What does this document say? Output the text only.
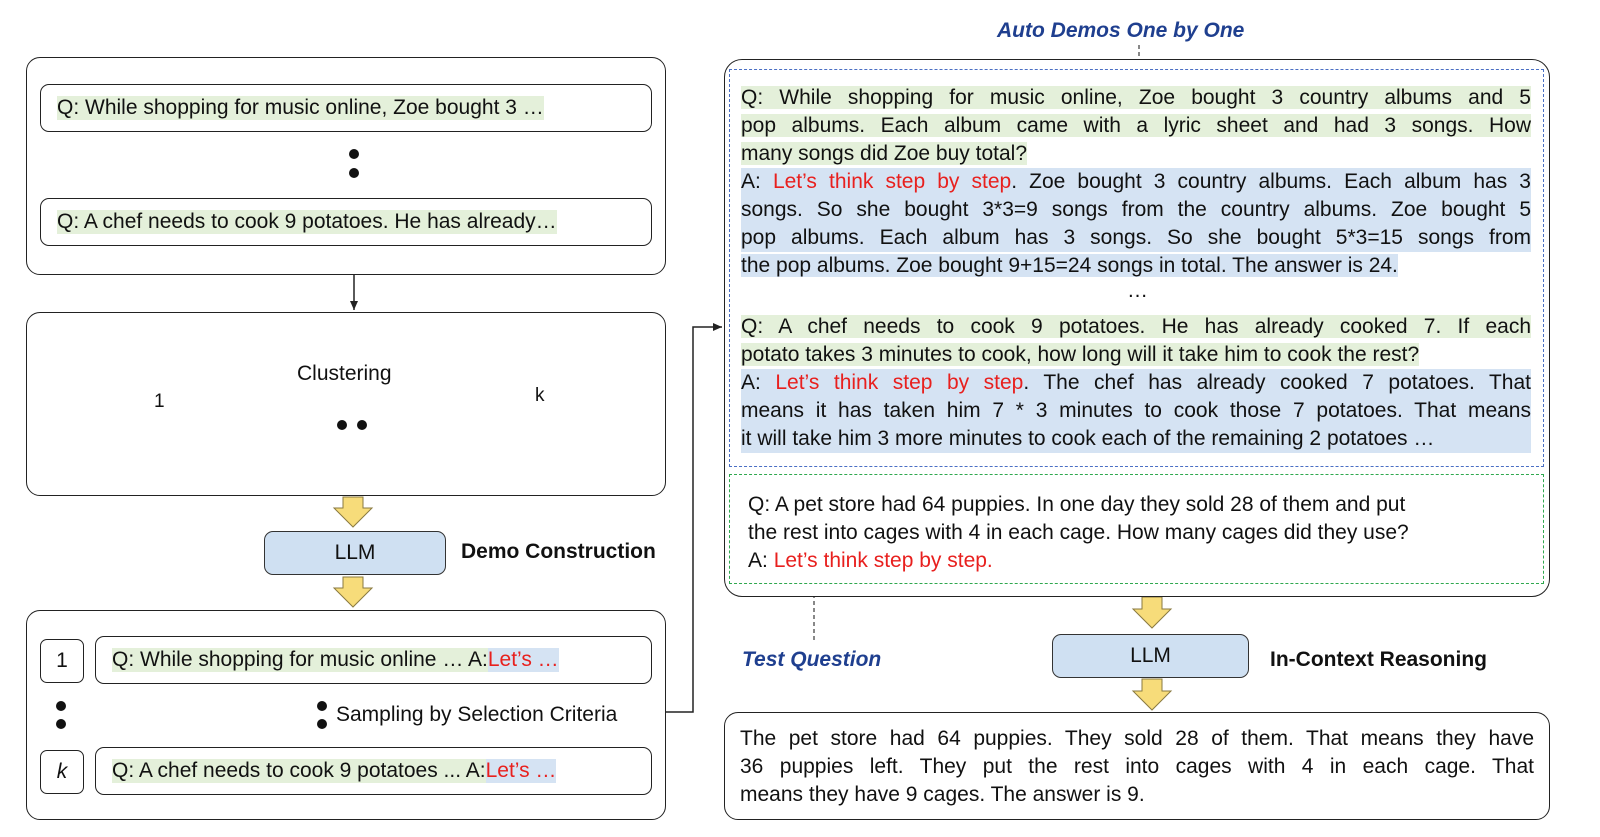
Q: While shopping for music online, Zoe bought 3 …
Q: A chef needs to cook 9 potatoes. He has already…
Clustering
1	k
LLM	Demo Construction
1 Q: While shopping for music online … A: Let’s …
Sampling by Selection Criteria
k Q: A chef needs to cook 9 potatoes ... A: Let’s …
Auto Demos One by One
Q: While shopping for music online, Zoe bought 3 country albums and 5
pop albums. Each album came with a lyric sheet and had 3 songs. How
many songs did Zoe buy total?
A: Let’s think step by step. Zoe bought 3 country albums. Each album has 3
songs. So she bought 3*3=9 songs from the country albums. Zoe bought 5
pop albums. Each album has 3 songs. So she bought 5*3=15 songs from
the pop albums. Zoe bought 9+15=24 songs in total. The answer is 24.
…
Q: A chef needs to cook 9 potatoes. He has already cooked 7. If each
potato takes 3 minutes to cook, how long will it take him to cook the rest?
A: Let’s think step by step. The chef has already cooked 7 potatoes. That
means it has taken him 7 * 3 minutes to cook those 7 potatoes. That means
it will take him 3 more minutes to cook each of the remaining 2 potatoes …
Q: A pet store had 64 puppies. In one day they sold 28 of them and put
the rest into cages with 4 in each cage. How many cages did they use?
A: Let’s think step by step.
Test Question	LLM	In-Context Reasoning
The pet store had 64 puppies. They sold 28 of them. That means they have
36 puppies left. They put the rest into cages with 4 in each cage. That
means they have 9 cages. The answer is 9.
